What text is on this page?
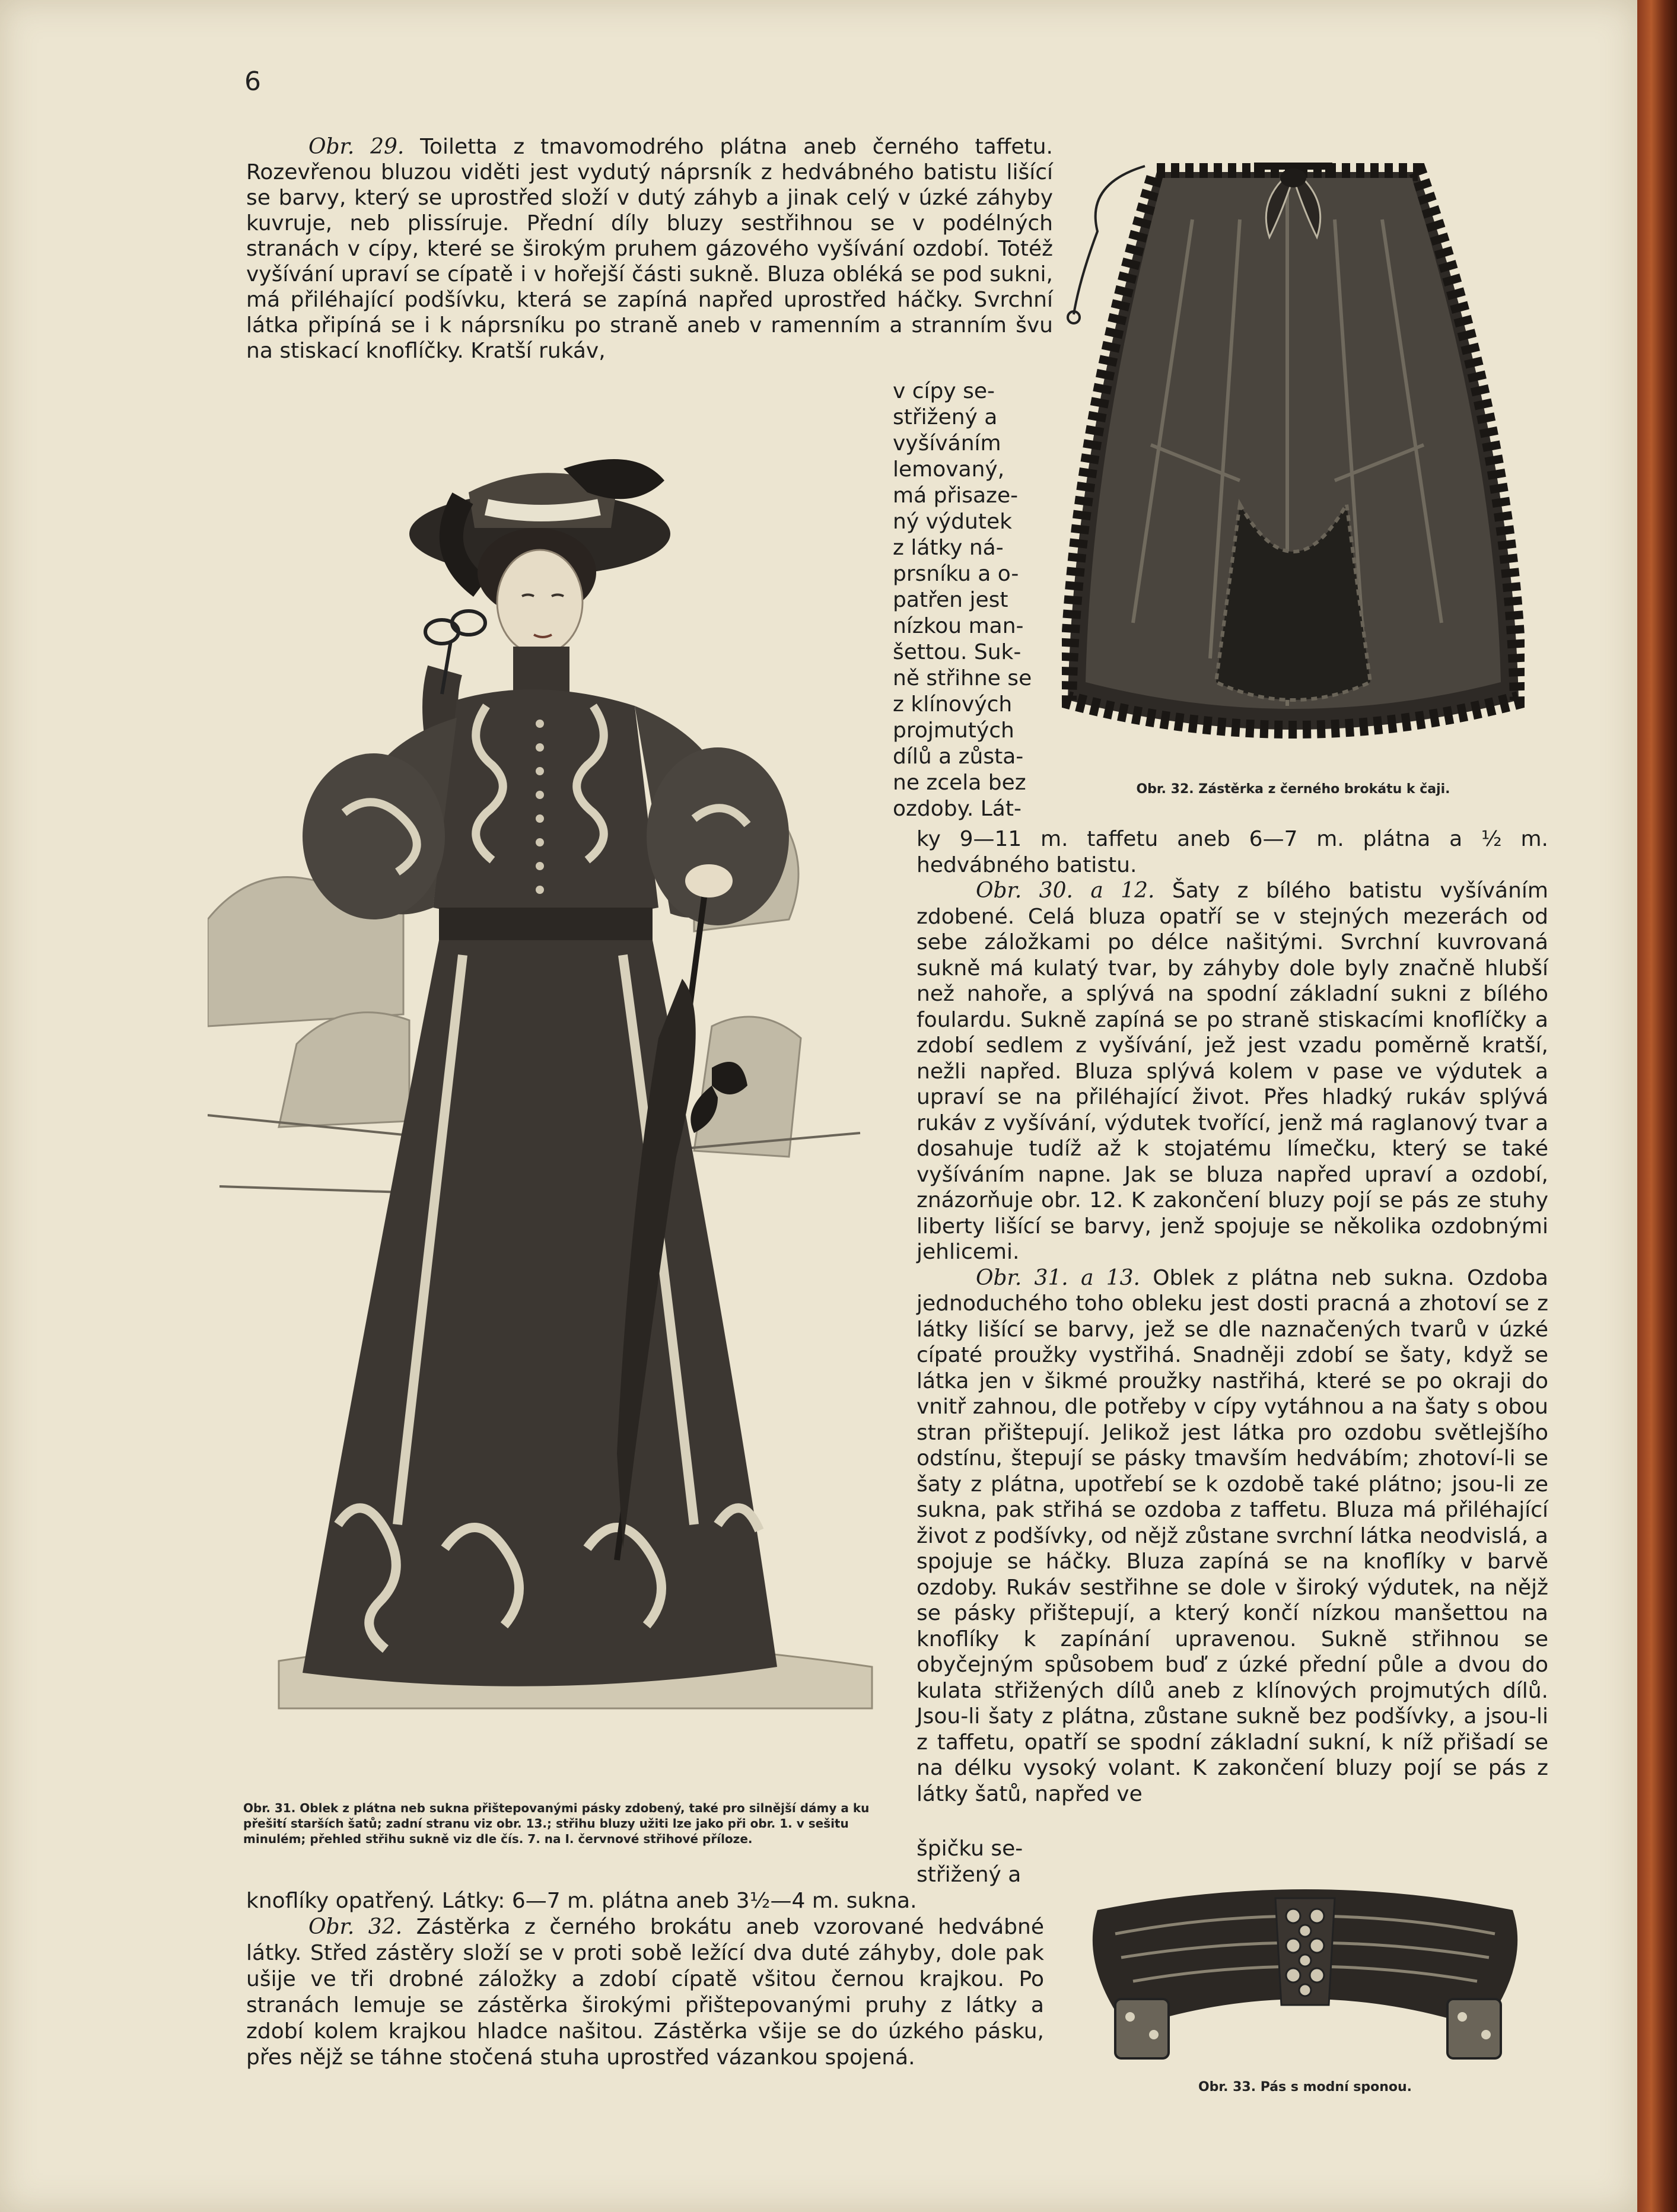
6
Obr. 29. Toiletta z tmavomodrého plátna aneb černého taffetu. Rozevřenou bluzou viděti jest vydutý náprsník z hedvábného batistu lišící se barvy, který se uprostřed složí v dutý záhyb a jinak celý v úzké záhyby kuvruje, neb plissíruje. Přední díly bluzy sestřihnou se v podélných stranách v cípy, které se širokým pruhem gázového vyšívání ozdobí. Totéž vyšívání upraví se cípatě i v hořejší části sukně. Bluza obléká se pod sukni, má přiléhající podšívku, která se zapíná napřed uprostřed háčky. Svrchní látka připíná se i k náprsníku po straně aneb v ramenním a stranním švu na stiskací knoflíčky. Kratší rukáv,
Obr. 31. Oblek z plátna neb sukna přištepovanými pásky zdobený, také pro silnější dámy a ku přešití starších šatů; zadní stranu viz obr. 13.; střihu bluzy užiti lze jako při obr. 1. v sešitu minulém; přehled střihu sukně viz dle čís. 7. na I. červnové střihové příloze.

v cípy se-

střižený a

vyšíváním

lemovaný,

má přisaze-

ný výdutek

z látky ná-

prsníku a o-

patřen jest

nízkou man-

šettou. Suk-

ně střihne se

z klínových

projmutých

dílů a zůsta-

ne zcela bez

ozdoby. Lát-

Obr. 32. Zástěrka z černého brokátu k čaji.

ky 9—11 m. taffetu aneb 6—7 m. plátna a ½ m. hedvábného batistu.

Obr. 30. a 12. Šaty z bílého batistu vyšíváním zdobené. Celá bluza opatří se v stejných mezerách od sebe záložkami po délce našitými. Svrchní kuvrovaná sukně má kulatý tvar, by záhyby dole byly značně hlubší než nahoře, a splývá na spodní základní sukni z bílého foulardu. Sukně zapíná se po straně stiskacími knoflíčky a zdobí sedlem z vyšívání, jež jest vzadu poměrně kratší, nežli napřed. Bluza splývá kolem v pase ve výdutek a upraví se na přiléhající život. Přes hladký rukáv splývá rukáv z vyšívání, výdutek tvořící, jenž má raglanový tvar a dosahuje tudíž až k stojatému límečku, který se také vyšíváním napne. Jak se bluza napřed upraví a ozdobí, znázorňuje obr. 12. K zakončení bluzy pojí se pás ze stuhy liberty lišící se barvy, jenž spojuje se několika ozdobnými jehlicemi.

Obr. 31. a 13. Oblek z plátna neb sukna. Ozdoba jednoduchého toho obleku jest dosti pracná a zhotoví se z látky lišící se barvy, jež se dle naznačených tvarů v úzké cípaté proužky vystřihá. Snadněji zdobí se šaty, když se látka jen v šikmé proužky nastřihá, které se po okraji do vnitř zahnou, dle potřeby v cípy vytáhnou a na šaty s obou stran přištepují. Jelikož jest látka pro ozdobu světlejšího odstínu, štepují se pásky tmavším hedvábím; zhotoví-li se šaty z plátna, upotřebí se k ozdobě také plátno; jsou-li ze sukna, pak střihá se ozdoba z taffetu. Bluza má přiléhající život z podšívky, od nějž zůstane svrchní látka neodvislá, a spojuje se háčky. Bluza zapíná se na knoflíky v barvě ozdoby. Rukáv sestřihne se dole v široký výdutek, na nějž se pásky přištepují, a který končí nízkou manšettou na knoflíky k zapínání upravenou. Sukně střihnou se obyčejným spůsobem buď z úzké přední půle a dvou do kulata střižených dílů aneb z klínových projmutých dílů. Jsou-li šaty z plátna, zůstane sukně bez podšívky, a jsou-li z taffetu, opatří se spodní základní sukní, k níž přišadí se na délku vysoký volant. K zakončení bluzy pojí se pás z látky šatů, napřed ve

špičku se-

střižený a

Obr. 33. Pás s modní sponou.
knoflíky opatřený. Látky: 6—7 m. plátna aneb 3½—4 m. sukna.
Obr. 32. Zástěrka z černého brokátu aneb vzorované hedvábné látky. Střed zástěry složí se v proti sobě ležící dva duté záhyby, dole pak ušije ve tři drobné záložky a zdobí cípatě všitou černou krajkou. Po stranách lemuje se zástěrka širokými přištepovanými pruhy z látky a zdobí kolem krajkou hladce našitou. Zástěrka všije se do úzkého pásku, přes nějž se táhne stočená stuha uprostřed vázankou spojená.
